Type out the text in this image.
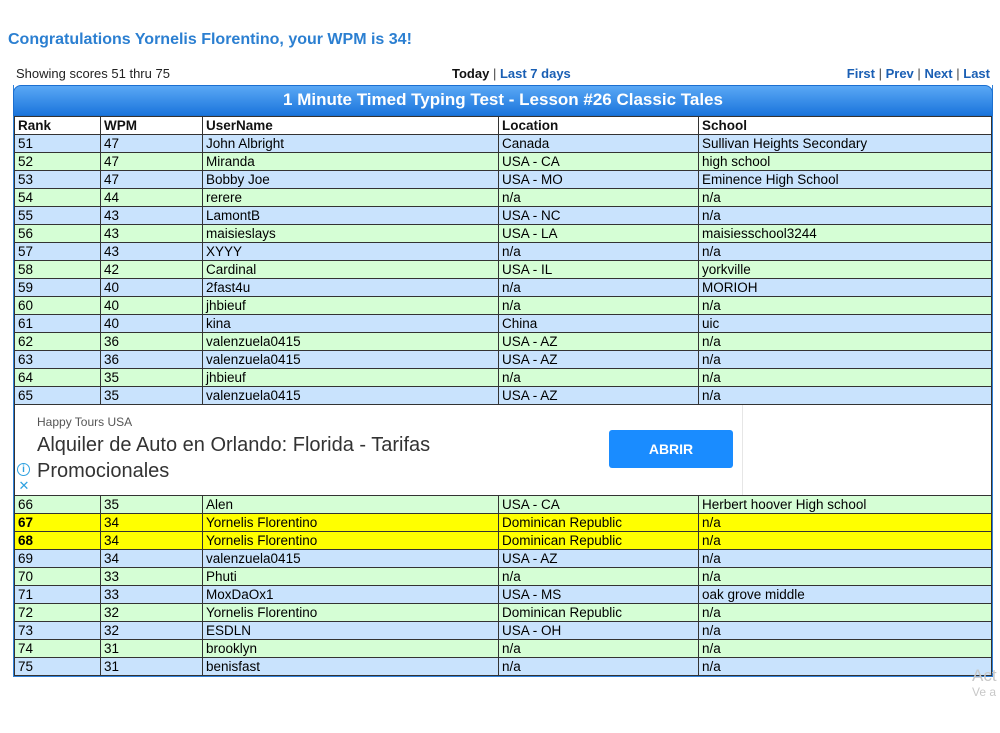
Congratulations Yornelis Florentino, your WPM is 34!
Showing scores 51 thru 75	Today | Last 7 days	First | Prev | Next | Last
1 Minute Timed Typing Test - Lesson #26 Classic Tales
Rank	WPM	UserName	Location	School
51	47	John Albright	Canada	Sullivan Heights Secondary
52	47	Miranda	USA - CA	high school
53	47	Bobby Joe	USA - MO	Eminence High School
54	44	rerere	n/a	n/a
55	43	LamontB	USA - NC	n/a
56	43	maisieslays	USA - LA	maisiesschool3244
57	43	XYYY	n/a	n/a
58	42	Cardinal	USA - IL	yorkville
59	40	2fast4u	n/a	MORIOH
60	40	jhbieuf	n/a	n/a
61	40	kina	China	uic
62	36	valenzuela0415	USA - AZ	n/a
63	36	valenzuela0415	USA - AZ	n/a
64	35	jhbieuf	n/a	n/a
65	35	valenzuela0415	USA - AZ	n/a
Happy Tours USA
Alquiler de Auto en Orlando: Florida - Tarifas Promocionales
ABRIR
i
✕
66	35	Alen	USA - CA	Herbert hoover High school
67	34	Yornelis Florentino	Dominican Republic	n/a
68	34	Yornelis Florentino	Dominican Republic	n/a
69	34	valenzuela0415	USA - AZ	n/a
70	33	Phuti	n/a	n/a
71	33	MoxDaOx1	USA - MS	oak grove middle
72	32	Yornelis Florentino	Dominican Republic	n/a
73	32	ESDLN	USA - OH	n/a
74	31	brooklyn	n/a	n/a
75	31	benisfast	n/a	n/a	Act
Ve a
